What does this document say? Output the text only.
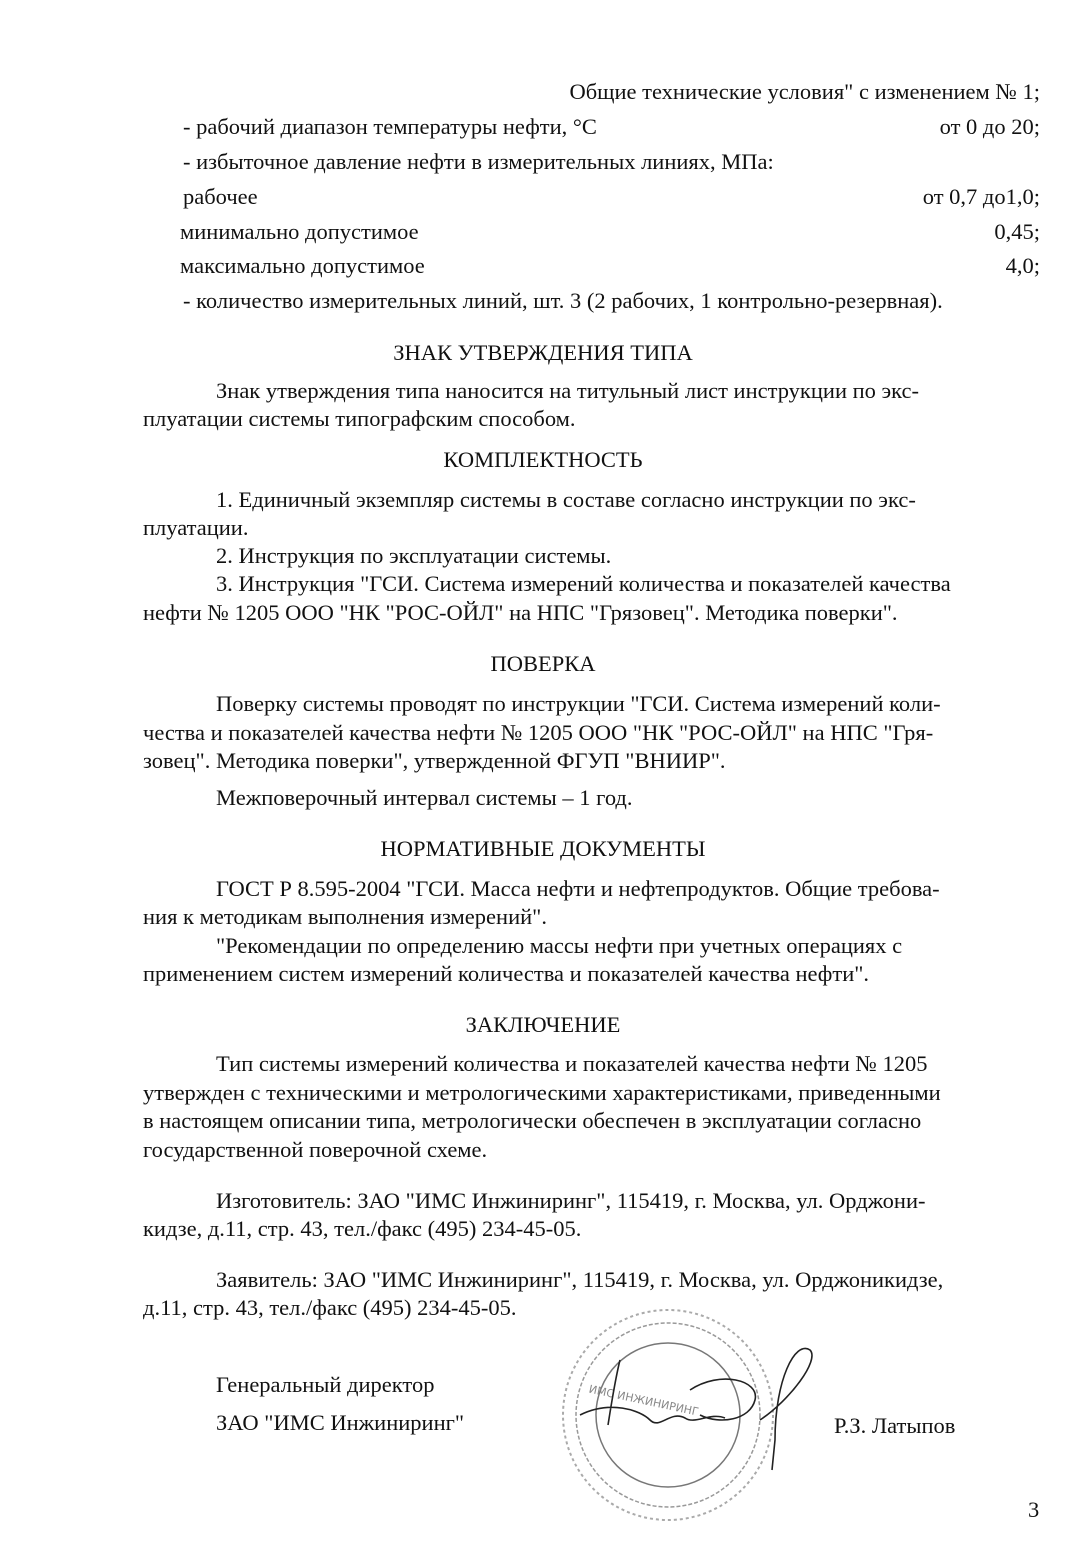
Общие технические условия" с изменением № 1;
- рабочий диапазон температуры нефти, °С	от 0 до 20;
- избыточное давление нефти в измерительных линиях, МПа:
рабочее	от 0,7 до1,0;
минимально допустимое	0,45;
максимально допустимое	4,0;
- количество измерительных линий, шт. 3 (2 рабочих, 1 контрольно-резервная).
ЗНАК УТВЕРЖДЕНИЯ ТИПА
Знак утверждения типа наносится на титульный лист инструкции по экс-
плуатации системы типографским способом.
КОМПЛЕКТНОСТЬ
1. Единичный экземпляр системы в составе согласно инструкции по экс-
плуатации.
2. Инструкция по эксплуатации системы.
3. Инструкция "ГСИ. Система измерений количества и показателей качества
нефти № 1205 ООО "НК "РОС-ОЙЛ" на НПС "Грязовец". Методика поверки".
ПОВЕРКА
Поверку системы проводят по инструкции "ГСИ. Система измерений коли-
чества и показателей качества нефти № 1205 ООО "НК "РОС-ОЙЛ" на НПС "Гря-
зовец". Методика поверки", утвержденной ФГУП "ВНИИР".
Межповерочный интервал системы – 1 год.
НОРМАТИВНЫЕ ДОКУМЕНТЫ
ГОСТ Р 8.595-2004 "ГСИ. Масса нефти и нефтепродуктов. Общие требова-
ния к методикам выполнения измерений".
"Рекомендации по определению массы нефти при учетных операциях с
применением систем измерений количества и показателей качества нефти".
ЗАКЛЮЧЕНИЕ
Тип системы измерений количества и показателей качества нефти № 1205
утвержден с техническими и метрологическими характеристиками, приведенными
в настоящем описании типа, метрологически обеспечен в эксплуатации согласно
государственной поверочной схеме.
Изготовитель: ЗАО "ИМС Инжиниринг", 115419, г. Москва, ул. Орджони-
кидзе, д.11, стр. 43, тел./факс (495) 234-45-05.
Заявитель: ЗАО "ИМС Инжиниринг", 115419, г. Москва, ул. Орджоникидзе,
д.11, стр. 43, тел./факс (495) 234-45-05.
Генеральный директор
ЗАО "ИМС Инжиниринг"	Р.З. Латыпов
ИМС ИНЖИНИРИНГ
3
